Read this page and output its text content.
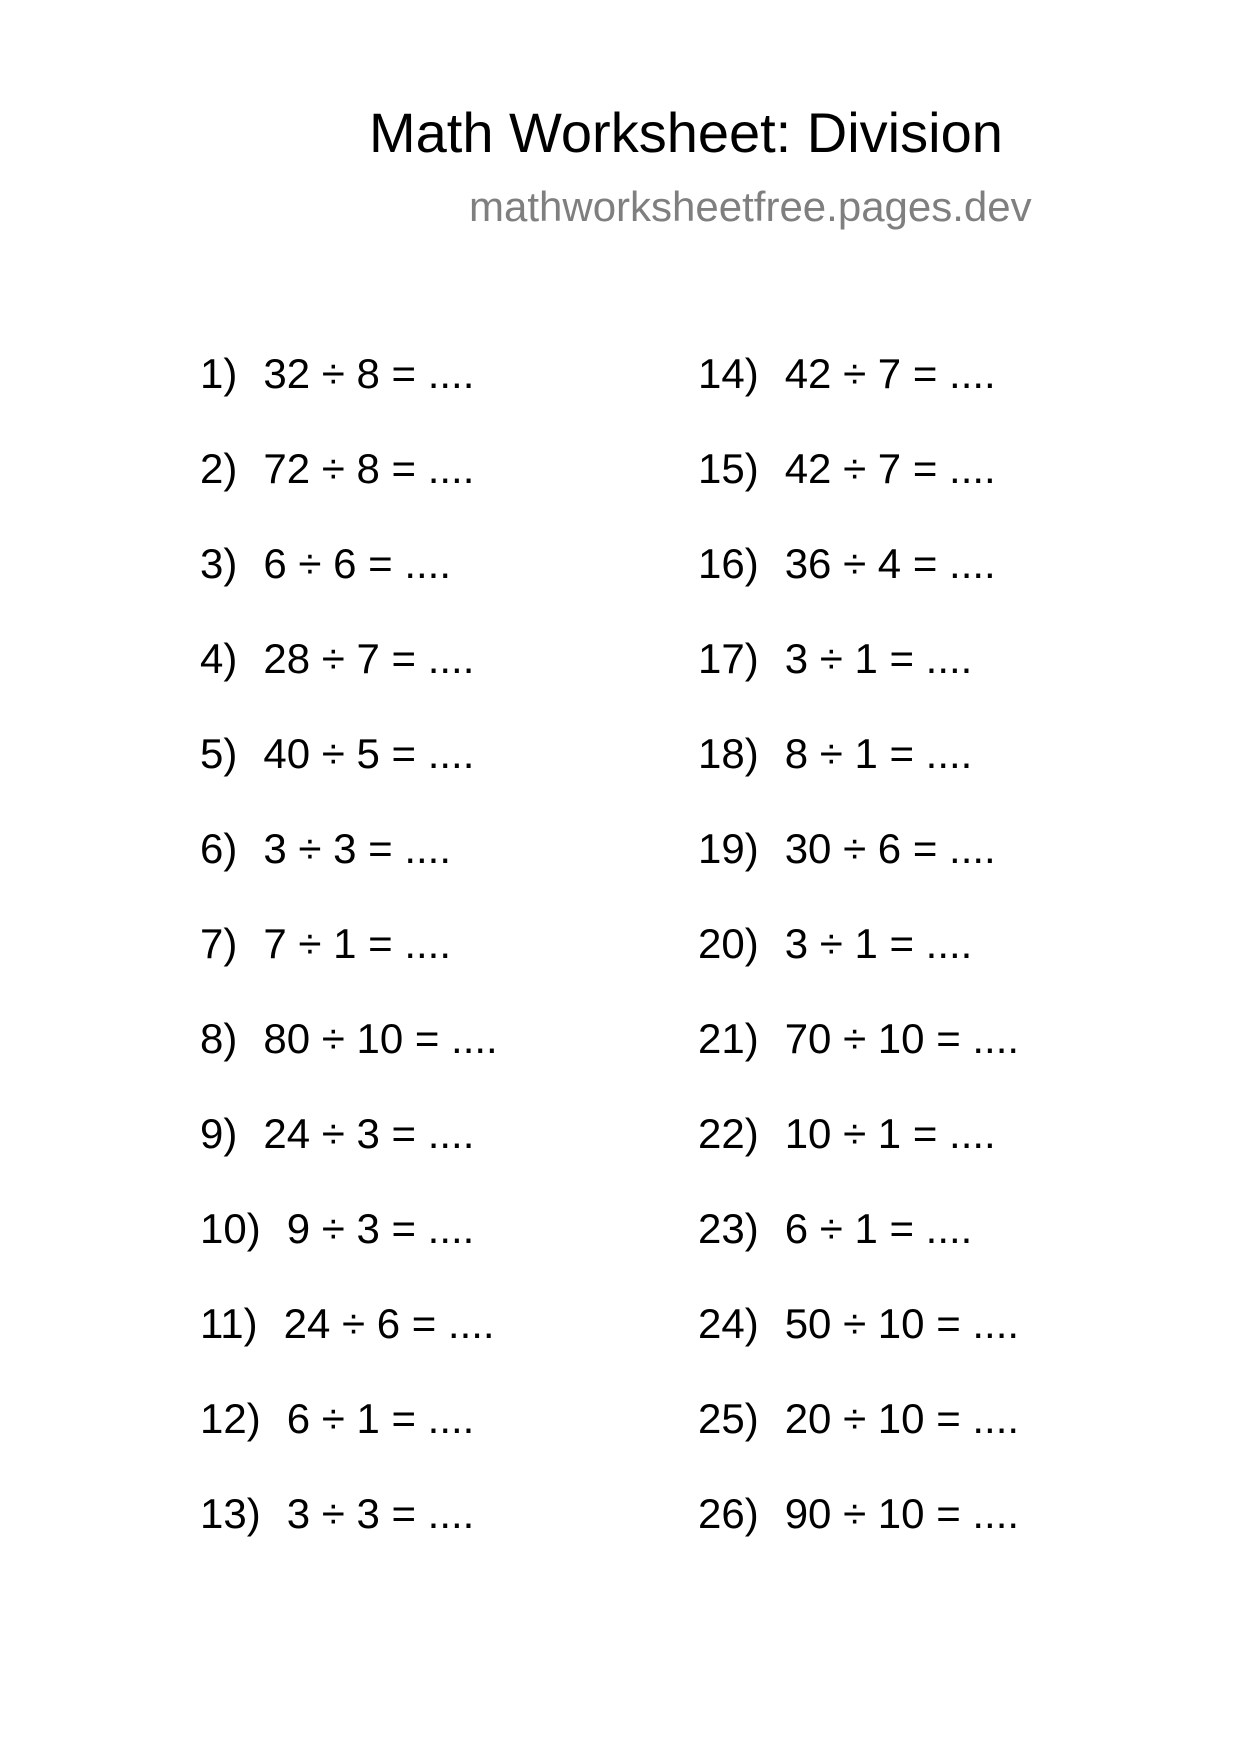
Math Worksheet: Division
mathworksheetfree.pages.dev
1) 32 ÷ 8 = ....
2) 72 ÷ 8 = ....
3) 6 ÷ 6 = ....
4) 28 ÷ 7 = ....
5) 40 ÷ 5 = ....
6) 3 ÷ 3 = ....
7) 7 ÷ 1 = ....
8) 80 ÷ 10 = ....
9) 24 ÷ 3 = ....
10) 9 ÷ 3 = ....
11) 24 ÷ 6 = ....
12) 6 ÷ 1 = ....
13) 3 ÷ 3 = ....
14) 42 ÷ 7 = ....
15) 42 ÷ 7 = ....
16) 36 ÷ 4 = ....
17) 3 ÷ 1 = ....
18) 8 ÷ 1 = ....
19) 30 ÷ 6 = ....
20) 3 ÷ 1 = ....
21) 70 ÷ 10 = ....
22) 10 ÷ 1 = ....
23) 6 ÷ 1 = ....
24) 50 ÷ 10 = ....
25) 20 ÷ 10 = ....
26) 90 ÷ 10 = ....
